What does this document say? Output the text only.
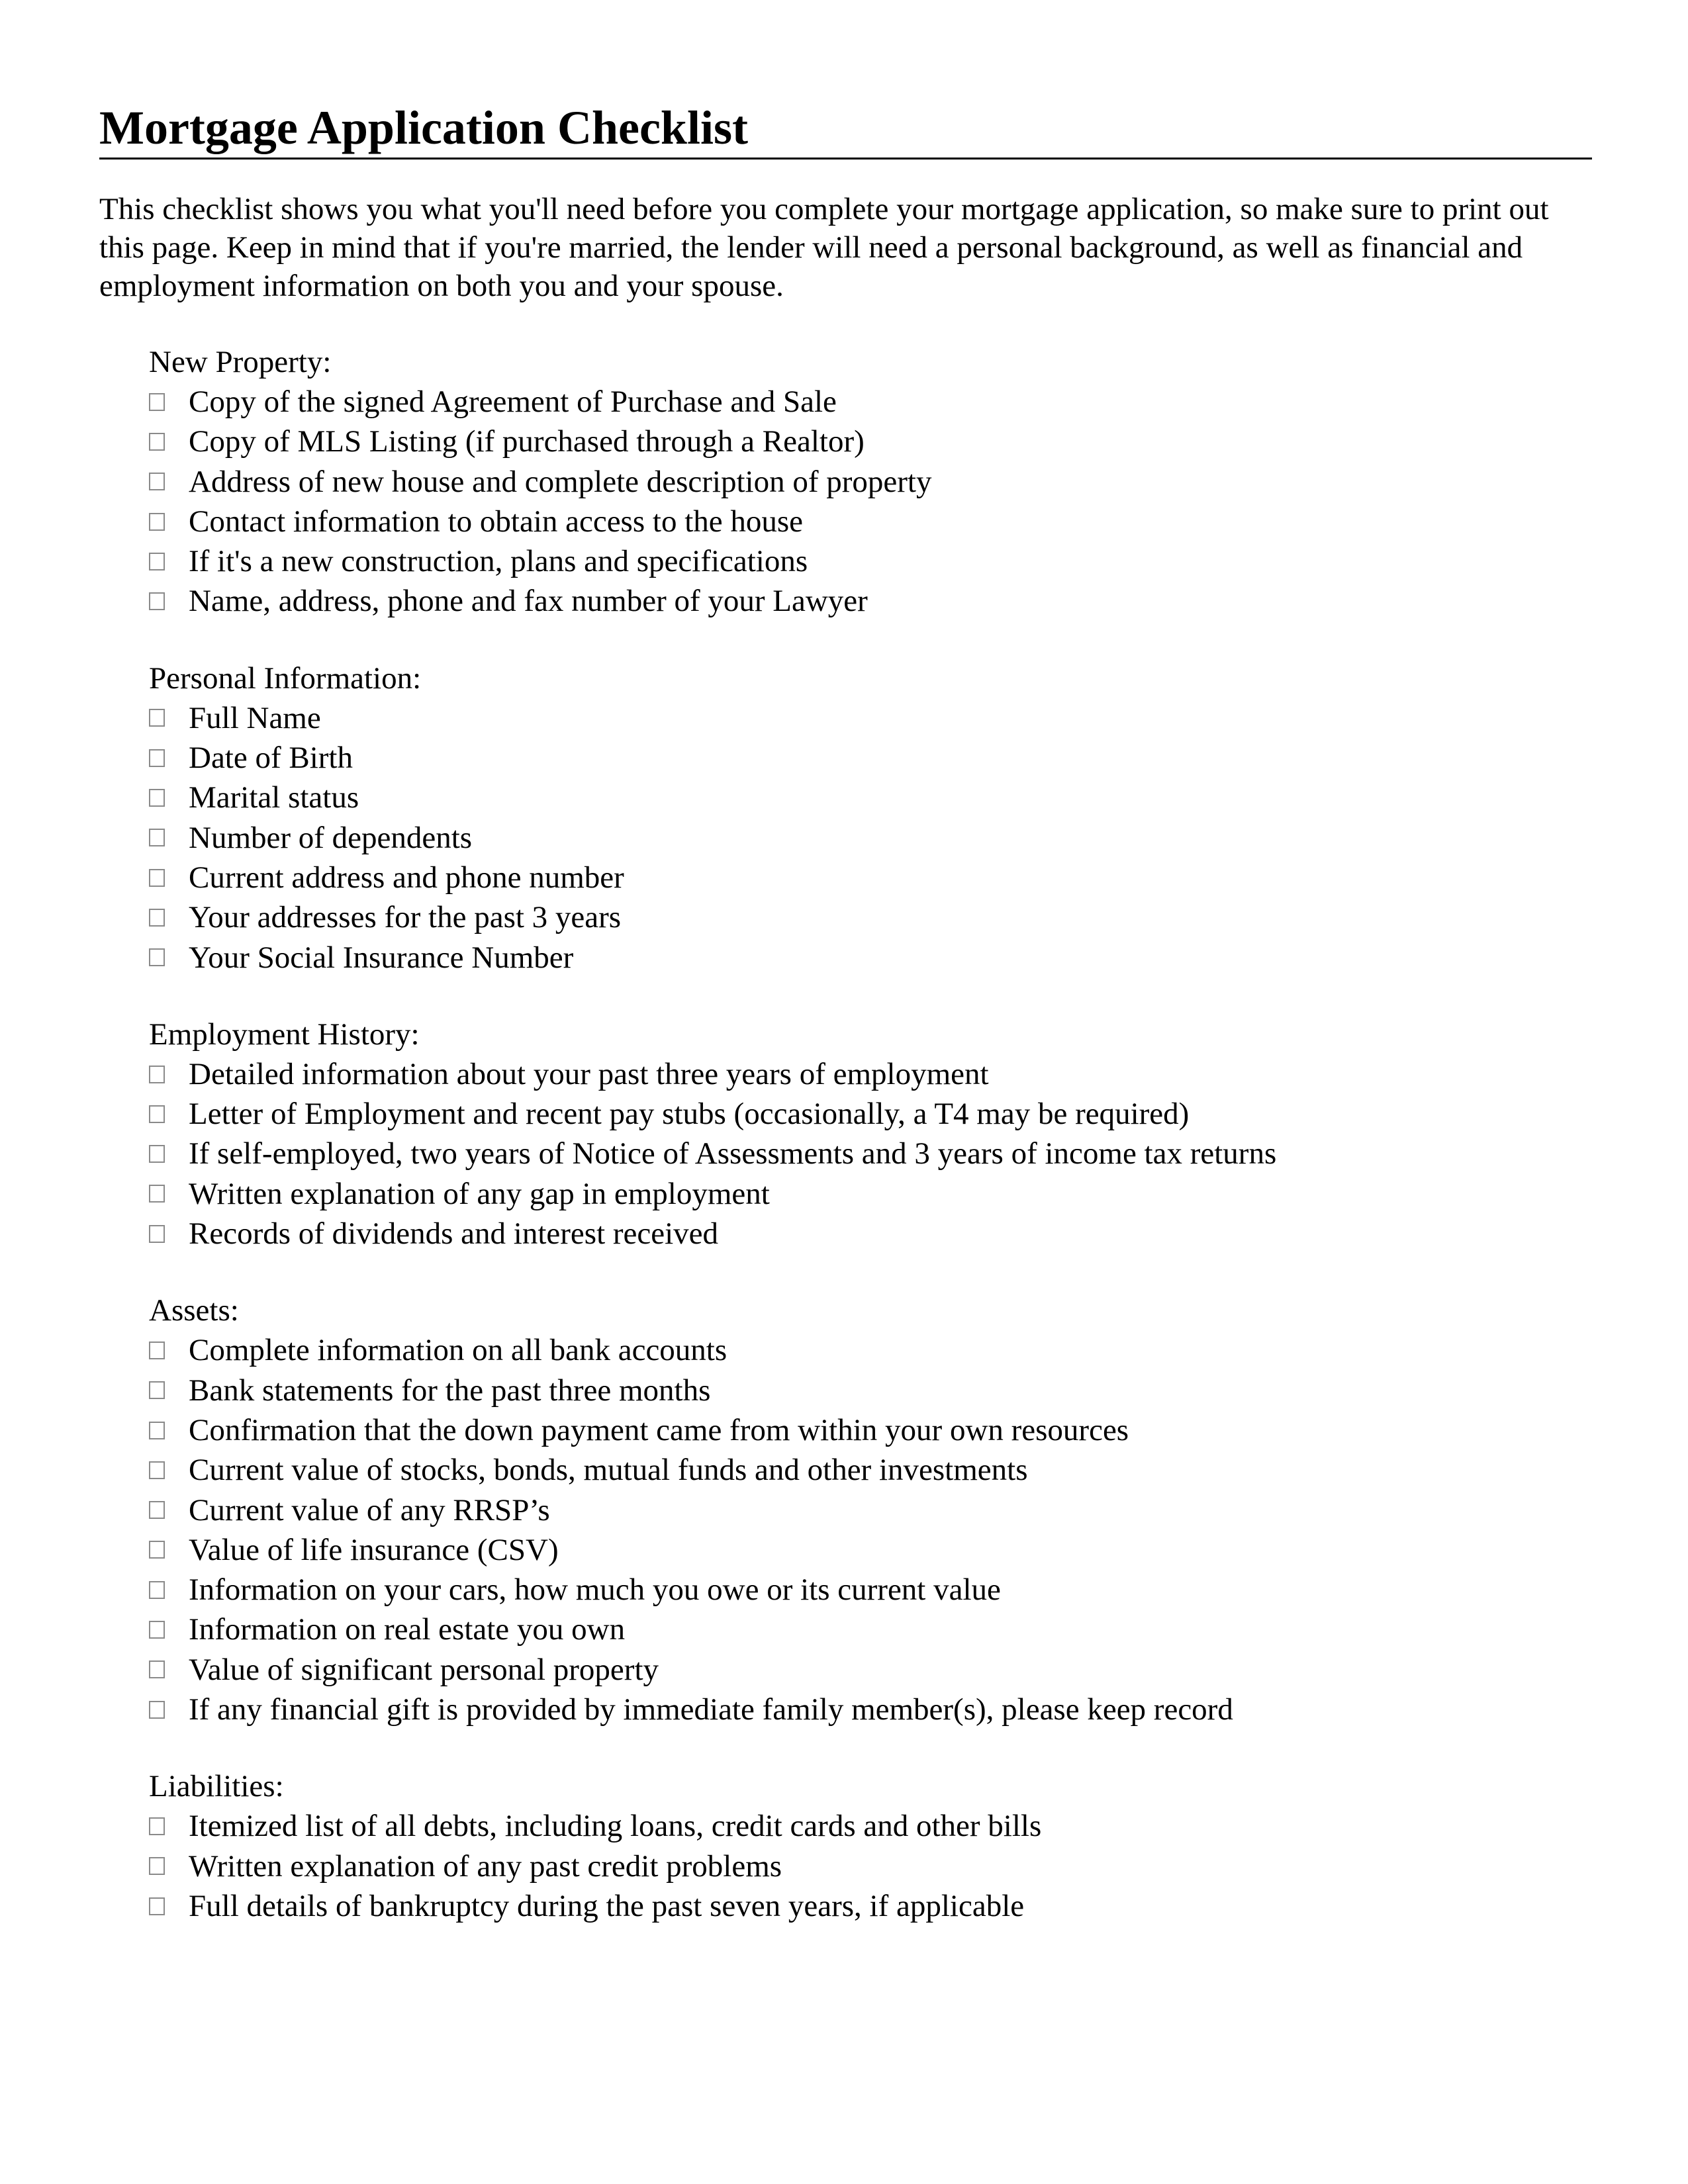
Mortgage Application Checklist

This checklist shows you what you'll need before you complete your mortgage application, so make sure to print out this page. Keep in mind that if you're married, the lender will need a personal background, as well as financial and employment information on both you and your spouse.

New Property:
Copy of the signed Agreement of Purchase and Sale
Copy of MLS Listing (if purchased through a Realtor)
Address of new house and complete description of property
Contact information to obtain access to the house
If it's a new construction, plans and specifications
Name, address, phone and fax number of your Lawyer
Personal Information:
Full Name
Date of Birth
Marital status
Number of dependents
Current address and phone number
Your addresses for the past 3 years
Your Social Insurance Number
Employment History:
Detailed information about your past three years of employment
Letter of Employment and recent pay stubs (occasionally, a T4 may be required)
If self-employed, two years of Notice of Assessments and 3 years of income tax returns
Written explanation of any gap in employment
Records of dividends and interest received
Assets:
Complete information on all bank accounts
Bank statements for the past three months
Confirmation that the down payment came from within your own resources
Current value of stocks, bonds, mutual funds and other investments
Current value of any RRSP’s
Value of life insurance (CSV)
Information on your cars, how much you owe or its current value
Information on real estate you own
Value of significant personal property
If any financial gift is provided by immediate family member(s), please keep record
Liabilities:
Itemized list of all debts, including loans, credit cards and other bills
Written explanation of any past credit problems
Full details of bankruptcy during the past seven years, if applicable
